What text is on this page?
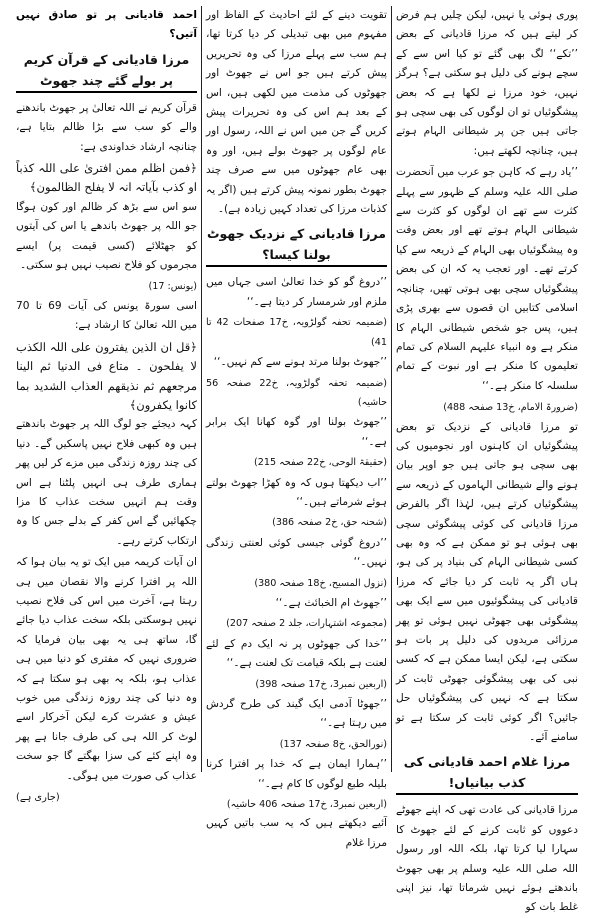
پوری ہوئی یا نہیں، لیکن چلیں ہم فرض کر لیتے ہیں کہ مرزا قادیانی کے بعض ’’تکے‘‘ لگ بھی گئے تو کیا اس سے کے سچے ہونے کی دلیل ہو سکتی ہے؟ ہرگز نہیں، خود مرزا نے لکھا ہے کہ بعض پیشگوئیاں تو ان لوگوں کی بھی سچی ہو جاتی ہیں جن پر شیطانی الہام ہوتے ہیں، چنانچہ لکھتے ہیں:

’’یاد رہے کہ کاہن جو عرب میں آنحضرت صلی اللہ علیہ وسلم کے ظہور سے پہلے کثرت سے تھے ان لوگوں کو کثرت سے شیطانی الہام ہوتے تھے اور بعض وقت وہ پیشگوئیاں بھی الہام کے ذریعہ سے کیا کرتے تھے۔ اور تعجب یہ کہ ان کی بعض پیشگوئیاں سچی بھی ہوتی تھیں، چنانچہ اسلامی کتابیں ان قصوں سے بھری پڑی ہیں، پس جو شخص شیطانی الہام کا منکر ہے وہ انبیاء علیہم السلام کی تمام تعلیموں کا منکر ہے اور نبوت کے تمام سلسلہ کا منکر ہے۔‘‘

(ضرورۃ الامام، خ13 صفحہ 488)

تو مرزا قادیانی کے نزدیک تو بعض پیشگوئیاں ان کاہنوں اور نجومیوں کی بھی سچی ہو جاتی ہیں جو اوپر بیان ہونے والے شیطانی الہاموں کے ذریعہ سے پیشگوئیاں کرتے ہیں، لہٰذا اگر بالفرض مرزا قادیانی کی کوئی پیشگوئی سچی بھی ہوئی ہو تو ممکن ہے کہ وہ بھی کسی شیطانی الہام کی بنیاد پر کی ہو، ہاں اگر یہ ثابت کر دیا جائے کہ مرزا قادیانی کی پیشگوئیوں میں سے ایک بھی پیشگوئی بھی جھوٹی نہیں ہوئی تو پھر مرزائی مریدوں کی دلیل پر بات ہو سکتی ہے، لیکن ایسا ممکن ہے کہ کسی نبی کی بھی پیشگوئی جھوٹی ثابت کر سکتا ہے کہ نہیں کی پیشگوئیاں حل جائیں؟ اگر کوئی ثابت کر سکتا ہے تو سامنے آئے۔

مرزا غلام احمد قادیانی کی کذب بیانیاں!

مرزا قادیانی کی عادت تھی کہ اپنے جھوٹے دعووں کو ثابت کرنے کے لئے جھوٹ کا سہارا لیا کرتا تھا، بلکہ اللہ اور رسول اللہ صلی اللہ علیہ وسلم پر بھی جھوٹ باندھتے ہوئے نہیں شرماتا تھا، نیز اپنی غلط بات کو

تقویت دینے کے لئے احادیث کے الفاظ اور مفہوم میں بھی تبدیلی کر دیا کرتا تھا، ہم سب سے پہلے مرزا کی وہ تحریریں پیش کرتے ہیں جو اس نے جھوٹ اور جھوٹوں کی مذمت میں لکھی ہیں، اس کے بعد ہم اس کی وہ تحریرات پیش کریں گے جن میں اس نے اللہ، رسول اور عام لوگوں پر جھوٹ بولے ہیں، اور وہ بھی عام جھوٹوں میں سے صرف چند جھوٹ بطور نمونہ پیش کرتے ہیں (اگر یہ کذبات مرزا کی تعداد کہیں زیادہ ہے)۔

مرزا قادیانی کے نزدیک جھوٹ بولنا کیسا؟
’’دروغ گو کو خدا تعالیٰ اسی جہاں میں ملزم اور شرمسار کر دیتا ہے۔‘‘
(ضمیمہ تحفہ گولڑویہ، خ17 صفحات 42 تا 41)
’’جھوٹ بولنا مرتد ہونے سے کم نہیں۔‘‘
(ضمیمہ تحفہ گولڑویہ، خ22 صفحہ 56 حاشیہ)
’’جھوٹ بولنا اور گوہ کھانا ایک برابر ہے۔‘‘
(حقیقۃ الوحی، خ22 صفحہ 215)
’’اب دیکھتا ہوں کہ وہ کھڑا جھوٹ بولتے ہوئے شرماتے ہیں۔‘‘
(شحنہ حق، خ2 صفحہ 386)
’’دروغ گوئی جیسی کوئی لعنتی زندگی نہیں۔‘‘
(نزول المسیح، خ18 صفحہ 380)
’’جھوٹ ام الخبائث ہے۔‘‘
(مجموعہ اشتہارات، جلد 2 صفحہ 207)
’’خدا کی جھوٹوں پر نہ ایک دم کے لئے لعنت ہے بلکہ قیامت تک لعنت ہے۔‘‘
(اربعین نمبر3، خ17 صفحہ 398)
’’جھوٹا آدمی ایک گیند کی طرح گردش میں رہتا ہے۔‘‘
(نورالحق، خ8 صفحہ 137)
’’ہمارا ایمان ہے کہ خدا پر افترا کرنا بلیلہ طبع لوگوں کا کام ہے۔‘‘
(اربعین نمبر3، خ17 صفحہ 406 حاشیہ)

آئیے دیکھتے ہیں کہ یہ سب باتیں کہیں مرزا غلام

احمد قادیانی پر تو صادق نہیں آتیں؟

مرزا قادیانی کے قرآن کریم پر بولے گئے چند جھوٹ

قرآن کریم نے اللہ تعالیٰ پر جھوٹ باندھنے والے کو سب سے بڑا ظالم بتایا ہے، چنانچہ ارشاد خداوندی ہے:

﴿فمن اظلم ممن افتریٰ علی اللہ کذباً او کذب بآیاتہ انہ لا یفلح الظالمون﴾

سو اس سے بڑھ کر ظالم اور کون ہوگا جو اللہ پر جھوٹ باندھے یا اس کی آیتوں کو جھٹلائے (کسی قیمت پر) ایسے مجرموں کو فلاح نصیب نہیں ہو سکتی۔

(یونس: 17)

اسی سورۃ یونس کی آیات 69 تا 70 میں اللہ تعالیٰ کا ارشاد ہے:

﴿قل ان الذین یفترون علی اللہ الکذب لا یفلحون ۔ متاع فی الدنیا ثم الینا مرجعھم ثم نذیقھم العذاب الشدید بما کانوا یکفرون﴾

کہہ دیجئے جو لوگ اللہ پر جھوٹ باندھتے ہیں وہ کبھی فلاح نہیں پاسکیں گے۔ دنیا کی چند روزہ زندگی میں مزے کر لیں پھر ہماری طرف ہی انہیں پلٹنا ہے اس وقت ہم انہیں سخت عذاب کا مزا چکھائیں گے اس کفر کے بدلے جس کا وہ ارتکاب کرتے رہے۔

ان آیات کریمہ میں ایک تو یہ بیان ہوا کہ اللہ پر افترا کرنے والا نقصان میں ہی رہتا ہے، آخرت میں اس کی فلاح نصیب نہیں ہوسکتی بلکہ سخت عذاب دیا جائے گا، ساتھ ہی یہ بھی بیان فرمایا کہ ضروری نہیں کہ مفتری کو دنیا میں ہی عذاب ہو، بلکہ یہ بھی ہو سکتا ہے کہ وہ دنیا کی چند روزہ زندگی میں خوب عیش و عشرت کرے لیکن آخرکار اسے لوٹ کر اللہ ہی کی طرف جانا ہے پھر وہ اپنے کئے کی سزا بھگتے گا جو سخت عذاب کی صورت میں ہوگی۔

(جاری ہے)
